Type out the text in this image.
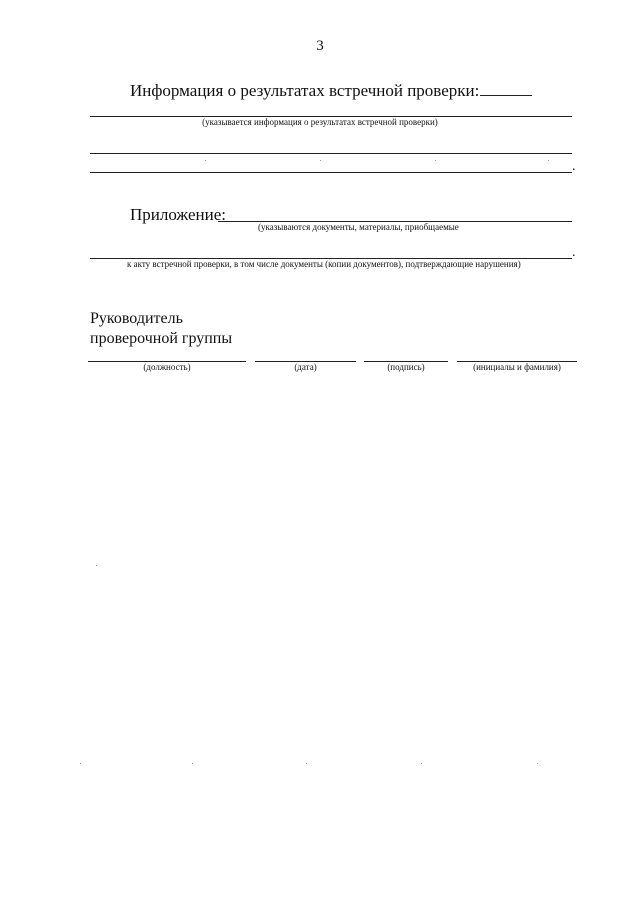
3
Информация о результатах встречной проверки:
(указывается информация о результатах встречной проверки)
.
Приложение:
(указываются документы, материалы, приобщаемые
.
к акту встречной проверки, в том числе документы (копии документов), подтверждающие нарушения)
Руководитель
проверочной группы
(должность)	(дата)	(подпись)	(инициалы и фамилия)
